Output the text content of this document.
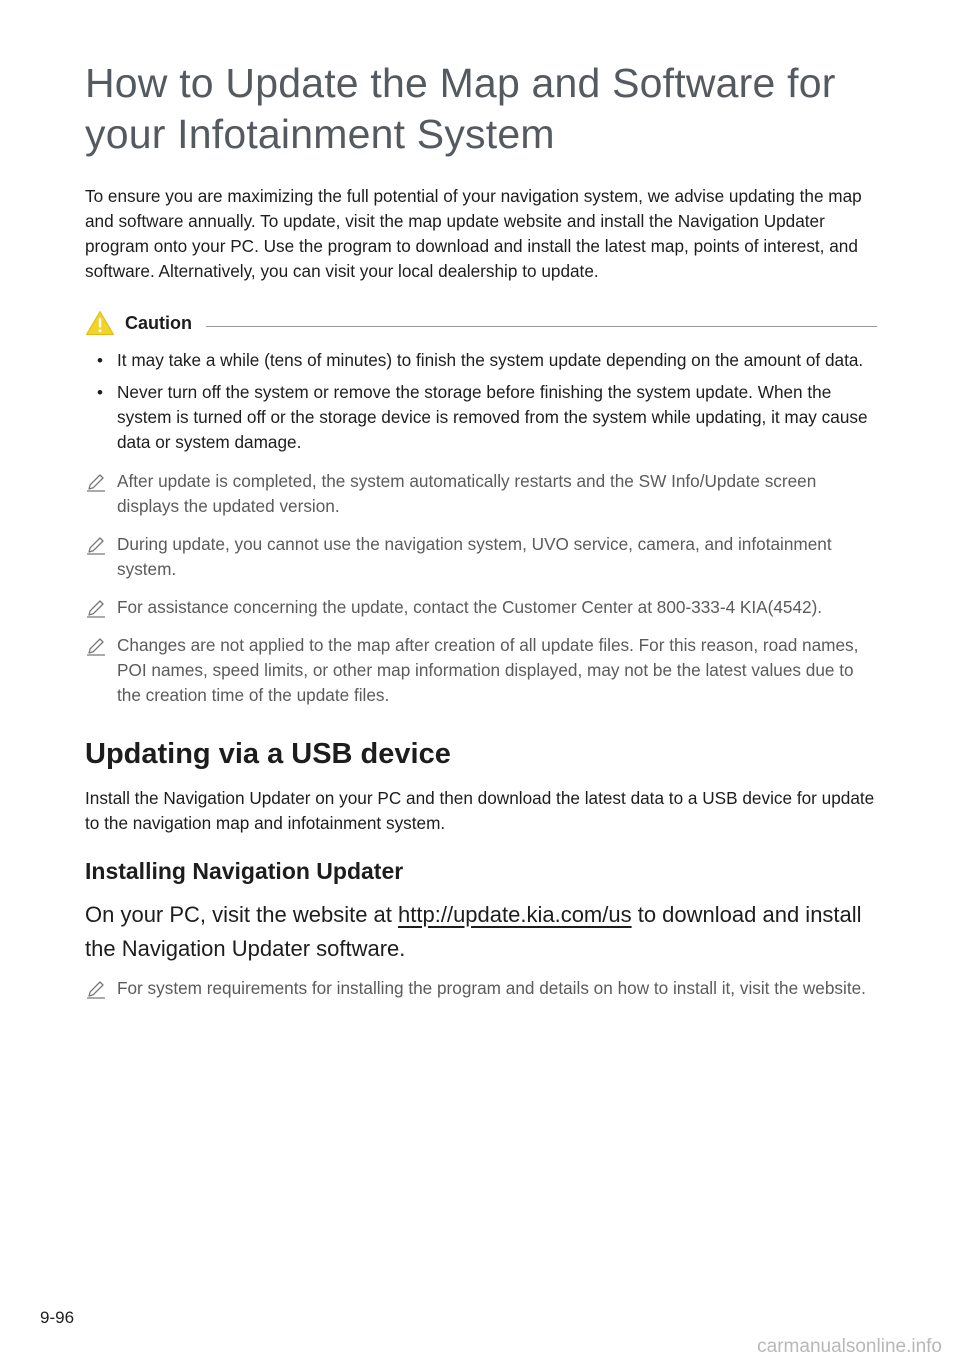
How to Update the Map and Software for
your Infotainment System

To ensure you are maximizing the full potential of your navigation system, we advise updating the map and software annually. To update, visit the map update website and install the Navigation Updater program onto your PC. Use the program to download and install the latest map, points of interest, and software. Alternatively, you can visit your local dealership to update.

Caution
• It may take a while (tens of minutes) to finish the system update depending on the amount of data.
• Never turn off the system or remove the storage before finishing the system update. When the system is turned off or the storage device is removed from the system while updating, it may cause data or system damage.
After update is completed, the system automatically restarts and the SW Info/Update screen displays the updated version.
During update, you cannot use the navigation system, UVO service, camera, and infotainment system.
For assistance concerning the update, contact the Customer Center at 800-333-4 KIA(4542).
Changes are not applied to the map after creation of all update files. For this reason, road names, POI names, speed limits, or other map information displayed, may not be the latest values due to the creation time of the update files.
Updating via a USB device

Install the Navigation Updater on your PC and then download the latest data to a USB device for update to the navigation map and infotainment system.

Installing Navigation Updater

On your PC, visit the website at http://update.kia.com/us to download and install the Navigation Updater software.

For system requirements for installing the program and details on how to install it, visit the website.
9-96
carmanualsonline.info
